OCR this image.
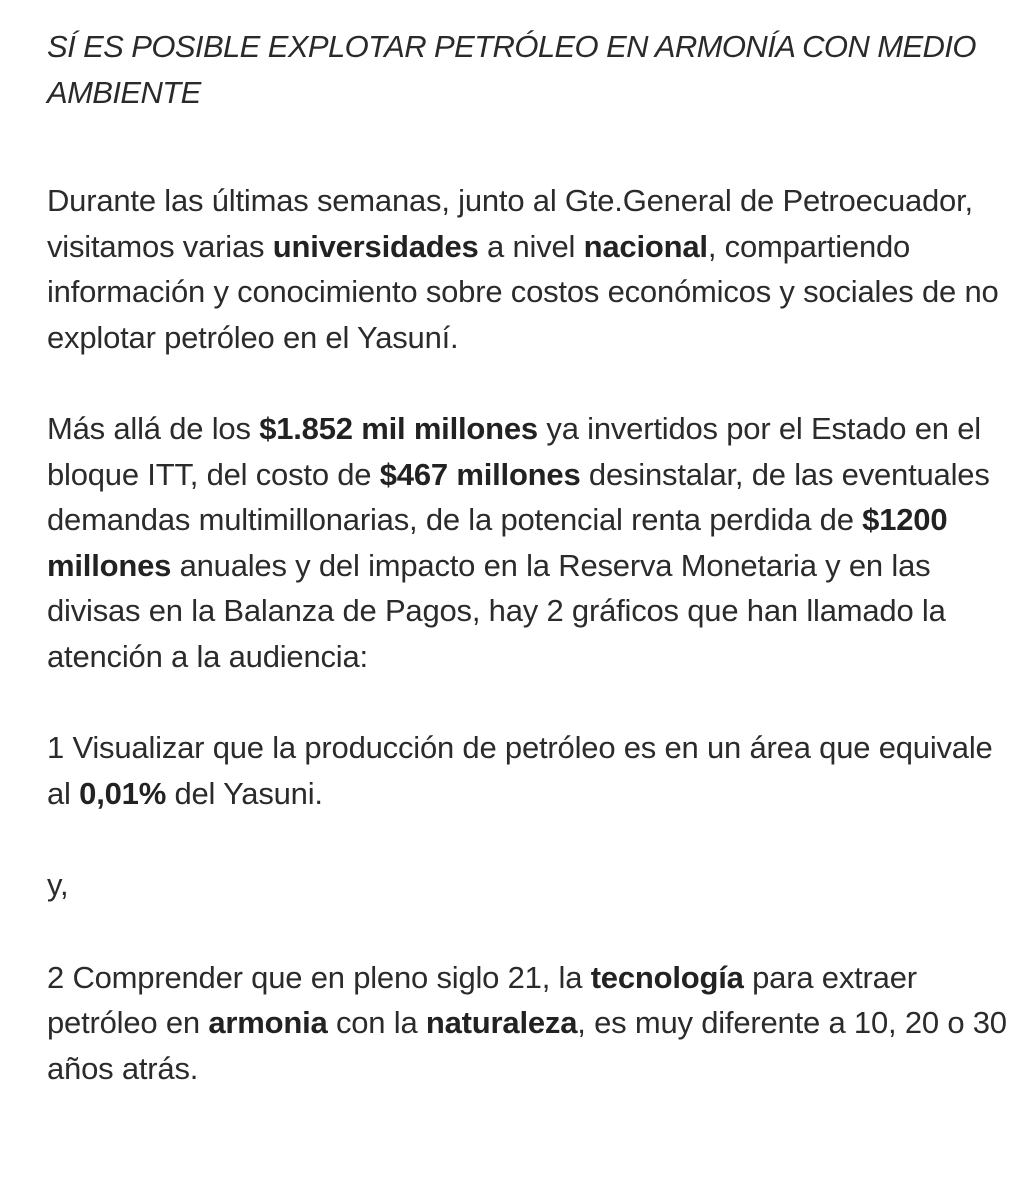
SÍ ES POSIBLE EXPLOTAR PETRÓLEO EN ARMONÍA CON MEDIO AMBIENTE

Durante las últimas semanas, junto al Gte.General de Petroecuador, visitamos varias universidades a nivel nacional, compartiendo información y conocimiento sobre costos económicos y sociales de no explotar petróleo en el Yasuní.

Más allá de los $1.852 mil millones ya invertidos por el Estado en el bloque ITT, del costo de $467 millones desinstalar, de las eventuales demandas multimillonarias, de la potencial renta perdida de $1200 millones anuales y del impacto en la Reserva Monetaria y en las divisas en la Balanza de Pagos, hay 2 gráficos que han llamado la atención a la audiencia:

1 Visualizar que la producción de petróleo es en un área que equivale al 0,01% del Yasuni.

y,

2 Comprender que en pleno siglo 21, la tecnología para extraer petróleo en armonia con la naturaleza, es muy diferente a 10, 20 o 30 años atrás.
